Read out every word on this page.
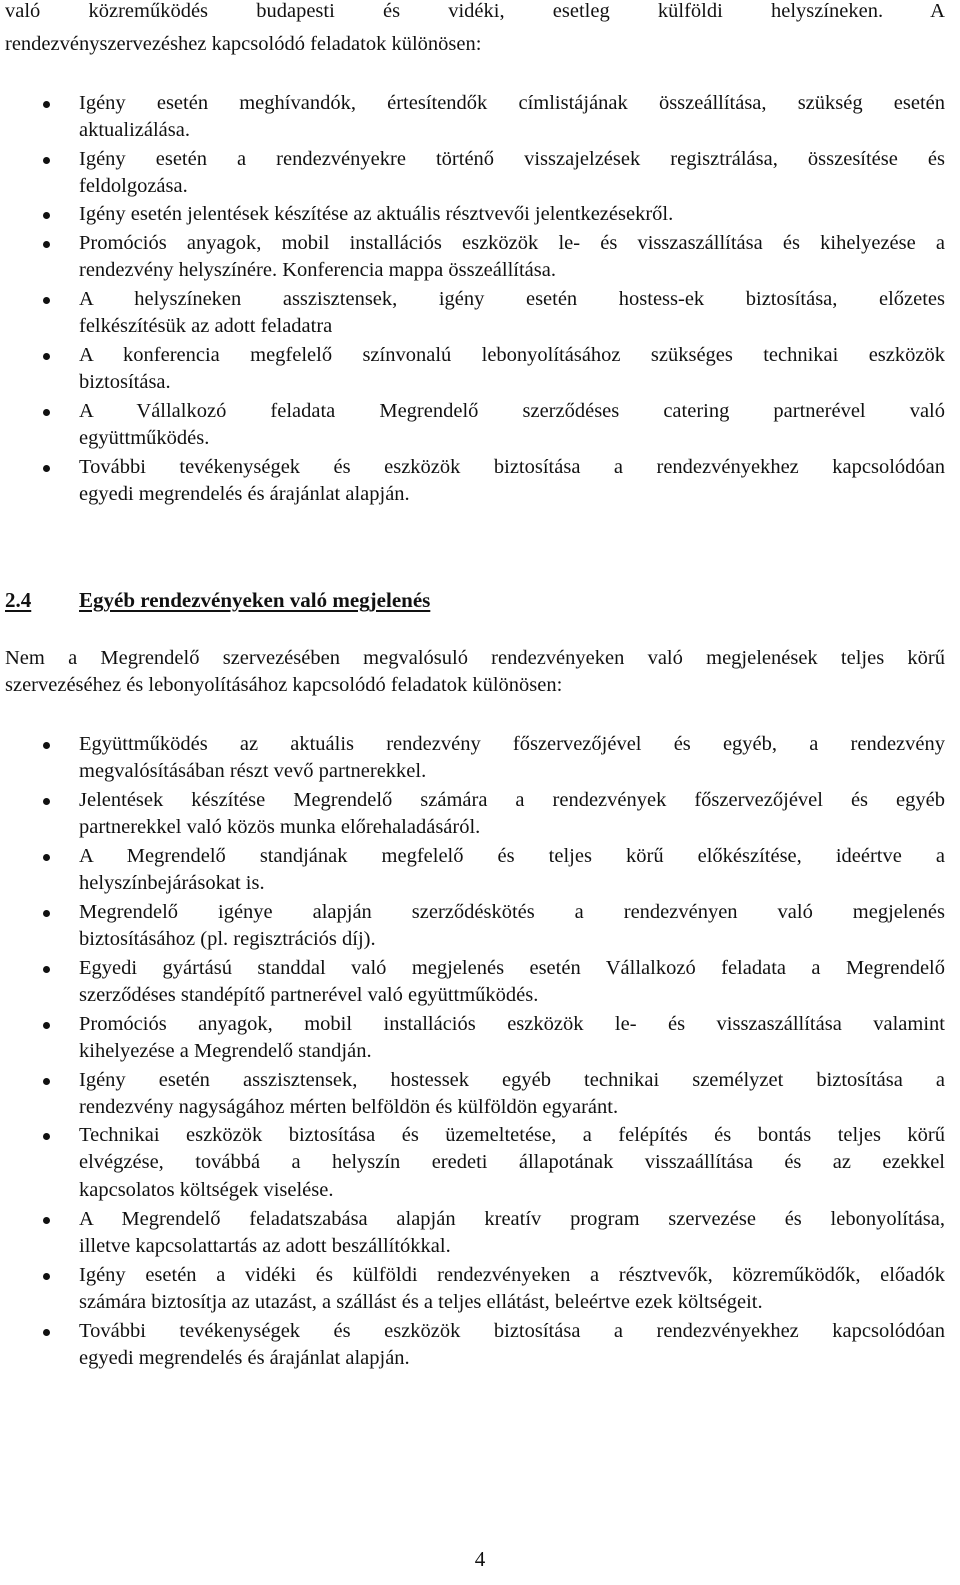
való közreműködés budapesti és vidéki, esetleg külföldi helyszíneken. A
rendezvényszervezéshez kapcsolódó feladatok különösen:
Igény esetén meghívandók, értesítendők címlistájának összeállítása, szükség esetén
aktualizálása.
Igény esetén a rendezvényekre történő visszajelzések regisztrálása, összesítése és
feldolgozása.
Igény esetén jelentések készítése az aktuális résztvevői jelentkezésekről.
Promóciós anyagok, mobil installációs eszközök le- és visszaszállítása és kihelyezése a
rendezvény helyszínére. Konferencia mappa összeállítása.
A helyszíneken asszisztensek, igény esetén hostess-ek biztosítása, előzetes
felkészítésük az adott feladatra
A konferencia megfelelő színvonalú lebonyolításához szükséges technikai eszközök
biztosítása.
A Vállalkozó feladata Megrendelő szerződéses catering partnerével való
együttműködés.
További tevékenységek és eszközök biztosítása a rendezvényekhez kapcsolódóan
egyedi megrendelés és árajánlat alapján.
2.4 Egyéb rendezvényeken való megjelenés
Nem a Megrendelő szervezésében megvalósuló rendezvényeken való megjelenések teljes körű
szervezéséhez és lebonyolításához kapcsolódó feladatok különösen:
Együttműködés az aktuális rendezvény főszervezőjével és egyéb, a rendezvény
megvalósításában részt vevő partnerekkel.
Jelentések készítése Megrendelő számára a rendezvények főszervezőjével és egyéb
partnerekkel való közös munka előrehaladásáról.
A Megrendelő standjának megfelelő és teljes körű előkészítése, ideértve a
helyszínbejárásokat is.
Megrendelő igénye alapján szerződéskötés a rendezvényen való megjelenés
biztosításához (pl. regisztrációs díj).
Egyedi gyártású standdal való megjelenés esetén Vállalkozó feladata a Megrendelő
szerződéses standépítő partnerével való együttműködés.
Promóciós anyagok, mobil installációs eszközök le- és visszaszállítása valamint
kihelyezése a Megrendelő standján.
Igény esetén asszisztensek, hostessek egyéb technikai személyzet biztosítása a
rendezvény nagyságához mérten belföldön és külföldön egyaránt.
Technikai eszközök biztosítása és üzemeltetése, a felépítés és bontás teljes körű
elvégzése, továbbá a helyszín eredeti állapotának visszaállítása és az ezekkel
kapcsolatos költségek viselése.
A Megrendelő feladatszabása alapján kreatív program szervezése és lebonyolítása,
illetve kapcsolattartás az adott beszállítókkal.
Igény esetén a vidéki és külföldi rendezvényeken a résztvevők, közreműködők, előadók
számára biztosítja az utazást, a szállást és a teljes ellátást, beleértve ezek költségeit.
További tevékenységek és eszközök biztosítása a rendezvényekhez kapcsolódóan
egyedi megrendelés és árajánlat alapján.
4
